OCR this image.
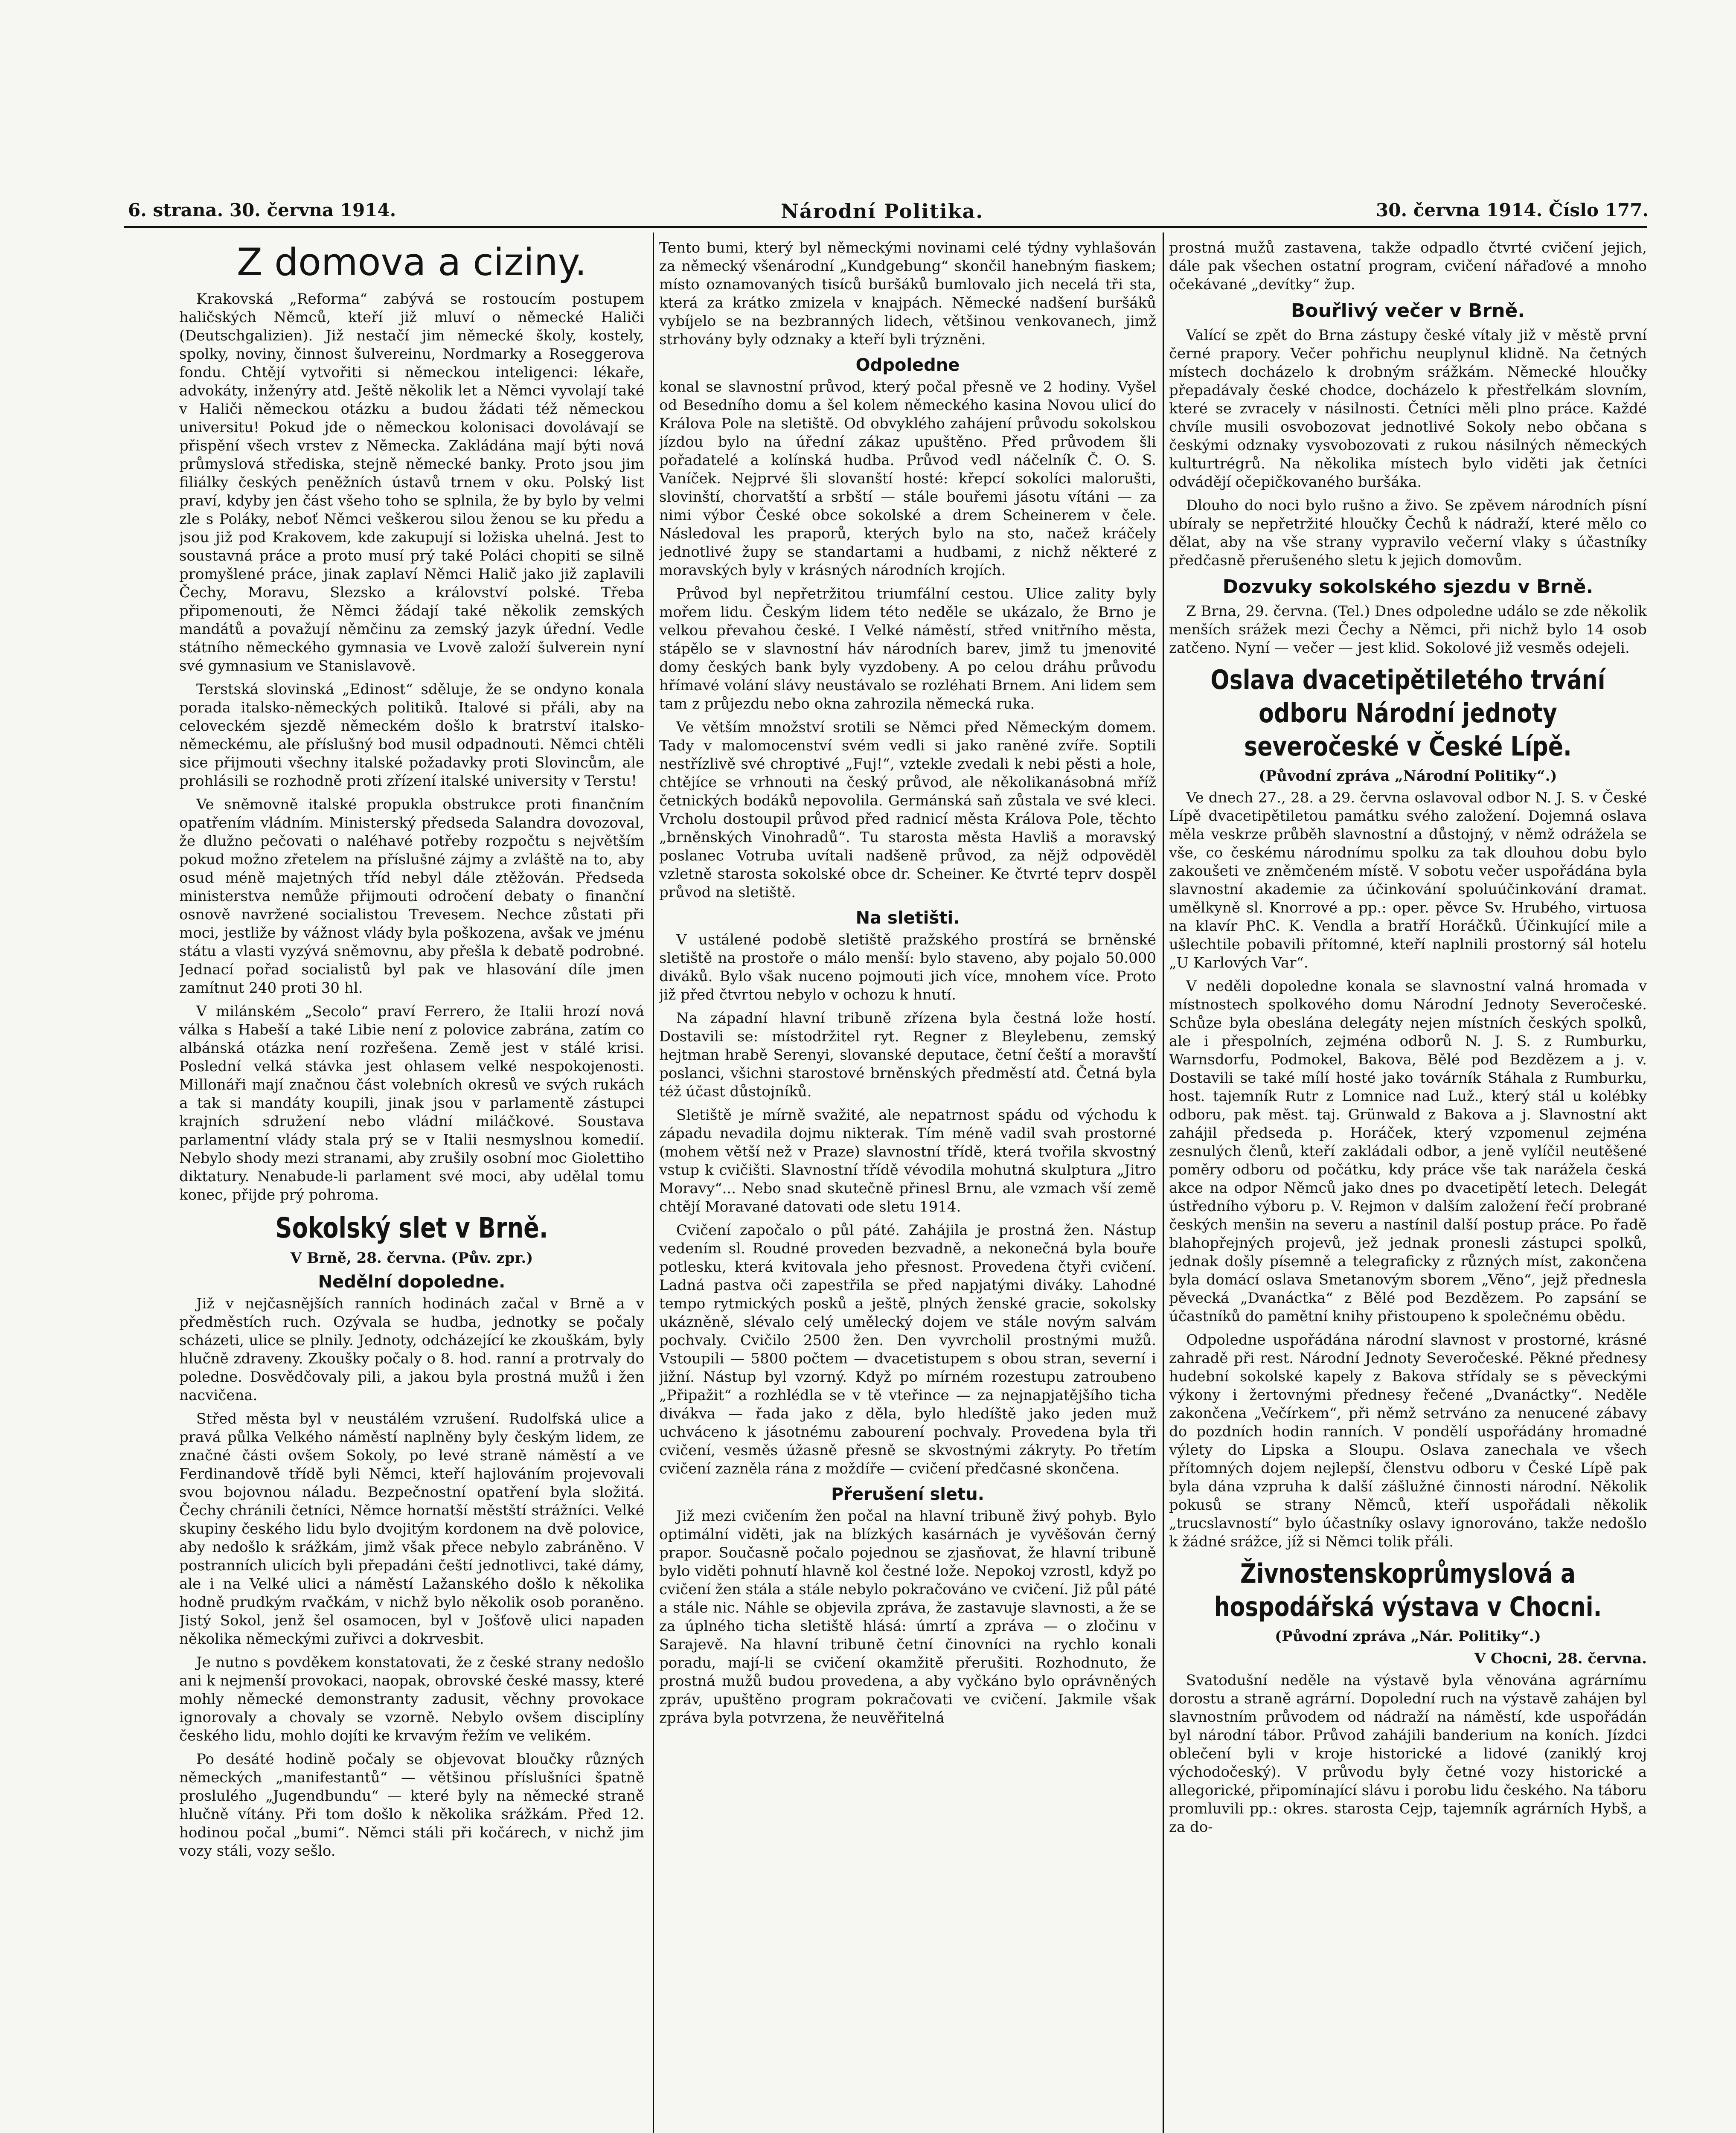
6. strana. 30. června 1914.	Národní Politika.	30. června 1914. Číslo 177.
Z domova a ciziny.

Krakovská „Reforma“ zabývá se rostoucím postupem haličských Němců, kteří již mluví o německé Haliči (Deutschgalizien). Již nestačí jim německé školy, kostely, spolky, noviny, činnost šulvereinu, Nordmarky a Roseggerova fondu. Chtějí vytvořiti si německou inteligenci: lékaře, advokáty, inženýry atd. Ještě několik let a Němci vyvolají také v Haliči německou otázku a budou žádati též německou universitu! Pokud jde o německou kolonisaci dovolávají se přispění všech vrstev z Německa. Zakládána mají býti nová průmyslová střediska, stejně německé banky. Proto jsou jim filiálky českých peněžních ústavů trnem v oku. Polský list praví, kdyby jen část všeho toho se splnila, že by bylo by velmi zle s Poláky, neboť Němci veškerou silou ženou se ku předu a jsou již pod Krakovem, kde zakupují si ložiska uhelná. Jest to soustavná práce a proto musí prý také Poláci chopiti se silně promyšlené práce, jinak zaplaví Němci Halič jako již zaplavili Čechy, Moravu, Slezsko a království polské. Třeba připomenouti, že Němci žádají také několik zemských mandátů a považují němčinu za zemský jazyk úřední. Vedle státního německého gymnasia ve Lvově založí šulverein nyní své gymnasium ve Stanislavově.

Terstská slovinská „Edinost“ sděluje, že se ondyno konala porada italsko-německých politiků. Italové si přáli, aby na celoveckém sjezdě německém došlo k bratrství italsko-německému, ale příslušný bod musil odpadnouti. Němci chtěli sice přijmouti všechny italské požadavky proti Slovincům, ale prohlásili se rozhodně proti zřízení italské university v Terstu!

Ve sněmovně italské propukla obstrukce proti finančním opatřením vládním. Ministerský předseda Salandra dovozoval, že dlužno pečovati o naléhavé potřeby rozpočtu s největším pokud možno zřetelem na příslušné zájmy a zvláště na to, aby osud méně majetných tříd nebyl dále ztěžován. Předseda ministerstva nemůže přijmouti odročení debaty o finanční osnově navržené socialistou Trevesem. Nechce zůstati při moci, jestliže by vážnost vlády byla poškozena, avšak ve jménu státu a vlasti vyzývá sněmovnu, aby přešla k debatě podrobné. Jednací pořad socialistů byl pak ve hlasování díle jmen zamítnut 240 proti 30 hl.

V milánském „Secolo“ praví Ferrero, že Italii hrozí nová válka s Habeší a také Libie není z polovice zabrána, zatím co albánská otázka není rozřešena. Země jest v stálé krisi. Poslední velká stávka jest ohlasem velké nespokojenosti. Millonáři mají značnou část volebních okresů ve svých rukách a tak si mandáty koupili, jinak jsou v parlamentě zástupci krajních sdružení nebo vládní miláčkové. Soustava parlamentní vlády stala prý se v Italii nesmyslnou komedií. Nebylo shody mezi stranami, aby zrušily osobní moc Giolettiho diktatury. Nenabude-li parlament své moci, aby udělal tomu konec, přijde prý pohroma.

Sokolský slet v Brně.
V Brně, 28. června. (Pův. zpr.)
Nedělní dopoledne.

Již v nejčasnějších ranních hodinách začal v Brně a v předměstích ruch. Ozývala se hudba, jednotky se počaly scházeti, ulice se plnily. Jednoty, odcházející ke zkouškám, byly hlučně zdraveny. Zkoušky počaly o 8. hod. ranní a protrvaly do poledne. Dosvědčovaly pili, a jakou byla prostná mužů i žen nacvičena.

Střed města byl v neustálém vzrušení. Rudolfská ulice a pravá půlka Velkého náměstí naplněny byly českým lidem, ze značné části ovšem Sokoly, po levé straně náměstí a ve Ferdinandově třídě byli Němci, kteří hajlováním projevovali svou bojovnou náladu. Bezpečnostní opatření byla složitá. Čechy chránili četníci, Němce hornatší městští strážníci. Velké skupiny českého lidu bylo dvojitým kordonem na dvě polovice, aby nedošlo k srážkám, jimž však přece nebylo zabráněno. V postranních ulicích byli přepadáni čeští jednotlivci, také dámy, ale i na Velké ulici a náměstí Lažanského došlo k několika hodně prudkým rvačkám, v nichž bylo několik osob poraněno. Jistý Sokol, jenž šel osamocen, byl v Jošťově ulici napaden několika německými zuřivci a dokrvesbit.

Je nutno s povděkem konstatovati, že z české strany nedošlo ani k nejmenší provokaci, naopak, obrovské české massy, které mohly německé demonstranty zadusit, věchny provokace ignorovaly a chovaly se vzorně. Nebylo ovšem disciplíny českého lidu, mohlo dojíti ke krvavým řežím ve velikém.

Po desáté hodině počaly se objevovat bloučky různých německých „manifestantů“ — většinou příslušníci špatně proslulého „Jugendbundu“ — které byly na německé straně hlučně vítány. Při tom došlo k několika srážkám. Před 12. hodinou počal „bumi“. Němci stáli při kočárech, v nichž jim vozy stáli, vozy sešlo.

Tento bumi, který byl německými novinami celé týdny vyhlašován za německý všenárodní „Kundgebung“ skončil hanebným fiaskem; místo oznamovaných tisíců buršáků bumlovalo jich necelá tři sta, která za krátko zmizela v knajpách. Německé nadšení buršáků vybíjelo se na bezbranných lidech, většinou venkovanech, jimž strhovány byly odznaky a kteří byli trýzněni.

Odpoledne

konal se slavnostní průvod, který počal přesně ve 2 hodiny. Vyšel od Besedního domu a šel kolem německého kasina Novou ulicí do Králova Pole na sletiště. Od obvyklého zahájení průvodu sokolskou jízdou bylo na úřední zákaz upuštěno. Před průvodem šli pořadatelé a kolínská hudba. Průvod vedl náčelník Č. O. S. Vaníček. Nejprvé šli slovanští hosté: křepcí sokolíci malorušti, slovinští, chorvatští a srbští — stále bouřemi jásotu vítáni — za nimi výbor České obce sokolské a drem Scheinerem v čele. Následoval les praporů, kterých bylo na sto, načež kráčely jednotlivé župy se standartami a hudbami, z nichž některé z moravských byly v krásných národních krojích.

Průvod byl nepřetržitou triumfální cestou. Ulice zality byly mořem lidu. Českým lidem této neděle se ukázalo, že Brno je velkou převahou české. I Velké náměstí, střed vnitřního města, stápělo se v slavnostní háv národních barev, jimž tu jmenovité domy českých bank byly vyzdobeny. A po celou dráhu průvodu hřímavé volání slávy neustávalo se rozléhati Brnem. Ani lidem sem tam z průjezdu nebo okna zahrozila německá ruka.

Ve větším množství srotili se Němci před Německým domem. Tady v malomocenství svém vedli si jako raněné zvíře. Soptili nestřízlivě své chroptivé „Fuj!“, vztekle zvedali k nebi pěsti a hole, chtějíce se vrhnouti na český průvod, ale několikanásobná mříž četnických bodáků nepovolila. Germánská saň zůstala ve své kleci. Vrcholu dostoupil průvod před radnicí města Králova Pole, těchto „brněnských Vinohradů“. Tu starosta města Havliš a moravský poslanec Votruba uvítali nadšeně průvod, za nějž odpověděl vzletně starosta sokolské obce dr. Scheiner. Ke čtvrté teprv dospěl průvod na sletiště.

Na sletišti.

V ustálené podobě sletiště pražského prostírá se brněnské sletiště na prostoře o málo menší: bylo staveno, aby pojalo 50.000 diváků. Bylo však nuceno pojmouti jich více, mnohem více. Proto již před čtvrtou nebylo v ochozu k hnutí.

Na západní hlavní tribuně zřízena byla čestná lože hostí. Dostavili se: místodržitel ryt. Regner z Bleylebenu, zemský hejtman hrabě Serenyi, slovanské deputace, četní čeští a moravští poslanci, všichni starostové brněnských předměstí atd. Četná byla též účast důstojníků.

Sletiště je mírně svažité, ale nepatrnost spádu od východu k západu nevadila dojmu nikterak. Tím méně vadil svah prostorné (mohem větší než v Praze) slavnostní třídě, která tvořila skvostný vstup k cvičišti. Slavnostní třídě vévodila mohutná skulptura „Jitro Moravy“... Nebo snad skutečně přinesl Brnu, ale vzmach vší země chtějí Moravané datovati ode sletu 1914.

Cvičení započalo o půl páté. Zahájila je prostná žen. Nástup vedením sl. Roudné proveden bezvadně, a nekonečná byla bouře potlesku, která kvitovala jeho přesnost. Provedena čtyři cvičení. Ladná pastva oči zapestřila se před napjatými diváky. Lahodné tempo rytmických posků a ještě, plných ženské gracie, sokolsky ukázněně, slévalo celý umělecký dojem ve stále novým salvám pochvaly. Cvičilo 2500 žen. Den vyvrcholil prostnými mužů. Vstoupili — 5800 počtem — dvacetistupem s obou stran, severní i jižní. Nástup byl vzorný. Když po mírném rozestupu zatroubeno „Připažit“ a rozhlédla se v tě vteřince — za nejnapjatějšího ticha divákva — řada jako z děla, bylo hledíště jako jeden muž uchváceno k jásotnému zabourení pochvaly. Provedena byla tři cvičení, vesměs úžasně přesně se skvostnými zákryty. Po třetím cvičení zazněla rána z moždíře — cvičení předčasné skončena.

Přerušení sletu.

Již mezi cvičením žen počal na hlavní tribuně živý pohyb. Bylo optimální viděti, jak na blízkých kasárnách je vyvěšován černý prapor. Současně počalo pojednou se zjasňovat, že hlavní tribuně bylo viděti pohnutí hlavně kol čestné lože. Nepokoj vzrostl, když po cvičení žen stála a stále nebylo pokračováno ve cvičení. Již půl páté a stále nic. Náhle se objevila zpráva, že zastavuje slavnosti, a že se za úplného ticha sletiště hlásá: úmrtí a zpráva — o zločinu v Sarajevě. Na hlavní tribuně četní činovníci na rychlo konali poradu, mají-li se cvičení okamžitě přerušiti. Rozhodnuto, že prostná mužů budou provedena, a aby vyčkáno bylo oprávněných zpráv, upuštěno program pokračovati ve cvičení. Jakmile však zpráva byla potvrzena, že neuvěřitelná

prostná mužů zastavena, takže odpadlo čtvrté cvičení jejich, dále pak všechen ostatní program, cvičení nářaďové a mnoho očekávané „devítky“ žup.

Bouřlivý večer v Brně.

Valící se zpět do Brna zástupy české vítaly již v městě první černé prapory. Večer pohřichu neuplynul klidně. Na četných místech docházelo k drobným srážkám. Německé hloučky přepadávaly české chodce, docházelo k přestřelkám slovním, které se zvracely v násilnosti. Četníci měli plno práce. Každé chvíle musili osvobozovat jednotlivé Sokoly nebo občana s českými odznaky vysvobozovati z rukou násilných německých kulturtrégrů. Na několika místech bylo viděti jak četníci odvádějí očepičkovaného buršáka.

Dlouho do noci bylo rušno a živo. Se zpěvem národních písní ubíraly se nepřetržité hloučky Čechů k nádraží, které mělo co dělat, aby na vše strany vypravilo večerní vlaky s účastníky předčasně přerušeného sletu k jejich domovům.

Dozvuky sokolského sjezdu v Brně.

Z Brna, 29. června. (Tel.) Dnes odpoledne událo se zde několik menších srážek mezi Čechy a Němci, při nichž bylo 14 osob zatčeno. Nyní — večer — jest klid. Sokolové již vesměs odejeli.

Oslava dvacetipětiletého trvání odboru Národní jednoty severočeské v České Lípě.
(Původní zpráva „Národní Politiky“.)

Ve dnech 27., 28. a 29. června oslavoval odbor N. J. S. v České Lípě dvacetipětiletou památku svého založení. Dojemná oslava měla veskrze průběh slavnostní a důstojný, v němž odrážela se vše, co českému národnímu spolku za tak dlouhou dobu bylo zakoušeti ve zněmčeném místě. V sobotu večer uspořádána byla slavnostní akademie za účinkování spoluúčinkování dramat. umělkyně sl. Knorrové a pp.: oper. pěvce Sv. Hrubého, virtuosa na klavír PhC. K. Vendla a bratří Horáčků. Účinkující mile a ušlechtile pobavili přítomné, kteří naplnili prostorný sál hotelu „U Karlových Var“.

V neděli dopoledne konala se slavnostní valná hromada v místnostech spolkového domu Národní Jednoty Severočeské. Schůze byla obeslána delegáty nejen místních českých spolků, ale i přespolních, zejména odborů N. J. S. z Rumburku, Warnsdorfu, Podmokel, Bakova, Bělé pod Bezdězem a j. v. Dostavili se také mílí hosté jako továrník Stáhala z Rumburku, host. tajemník Rutr z Lomnice nad Luž., který stál u kolébky odboru, pak měst. taj. Grünwald z Bakova a j. Slavnostní akt zahájil předseda p. Horáček, který vzpomenul zejména zesnulých členů, kteří zakládali odbor, a jeně vylíčil neutěšené poměry odboru od počátku, kdy práce vše tak narážela česká akce na odpor Němců jako dnes po dvacetipětí letech. Delegát ústředního výboru p. V. Rejmon v dalším založení řečí probrané českých menšin na severu a nastínil další postup práce. Po řadě blahopřejných projevů, jež jednak pronesli zástupci spolků, jednak došly písemně a telegraficky z různých míst, zakončena byla domácí oslava Smetanovým sborem „Věno“, jejž přednesla pěvecká „Dvanáctka“ z Bělé pod Bezdězem. Po zapsání se účastníků do pamětní knihy přistoupeno k společnému obědu.

Odpoledne uspořádána národní slavnost v prostorné, krásné zahradě při rest. Národní Jednoty Severočeské. Pěkné přednesy hudební sokolské kapely z Bakova střídaly se s pěveckými výkony i žertovnými přednesy řečené „Dvanáctky“. Neděle zakončena „Večírkem“, při němž setrváno za nenucené zábavy do pozdních hodin ranních. V pondělí uspořádány hromadné výlety do Lipska a Sloupu. Oslava zanechala ve všech přítomných dojem nejlepší, členstvu odboru v České Lípě pak byla dána vzpruha k další zášlužné činnosti národní. Několik pokusů se strany Němců, kteří uspořádali několik „trucslavností“ bylo účastníky oslavy ignorováno, takže nedošlo k žádné srážce, jíž si Němci tolik přáli.

Živnostenskoprůmyslová a hospodářská výstava v Chocni.
(Původní zpráva „Nár. Politiky“.)
V Chocni, 28. června.

Svatodušní neděle na výstavě byla věnována agrárnímu dorostu a straně agrární. Dopolední ruch na výstavě zahájen byl slavnostním průvodem od nádraží na náměstí, kde uspořádán byl národní tábor. Průvod zahájili banderium na koních. Jízdci oblečení byli v kroje historické a lidové (zaniklý kroj východočeský). V průvodu byly četné vozy historické a allegorické, připomínající slávu i porobu lidu českého. Na táboru promluvili pp.: okres. starosta Cejp, tajemník agrárních Hybš, a za do-
